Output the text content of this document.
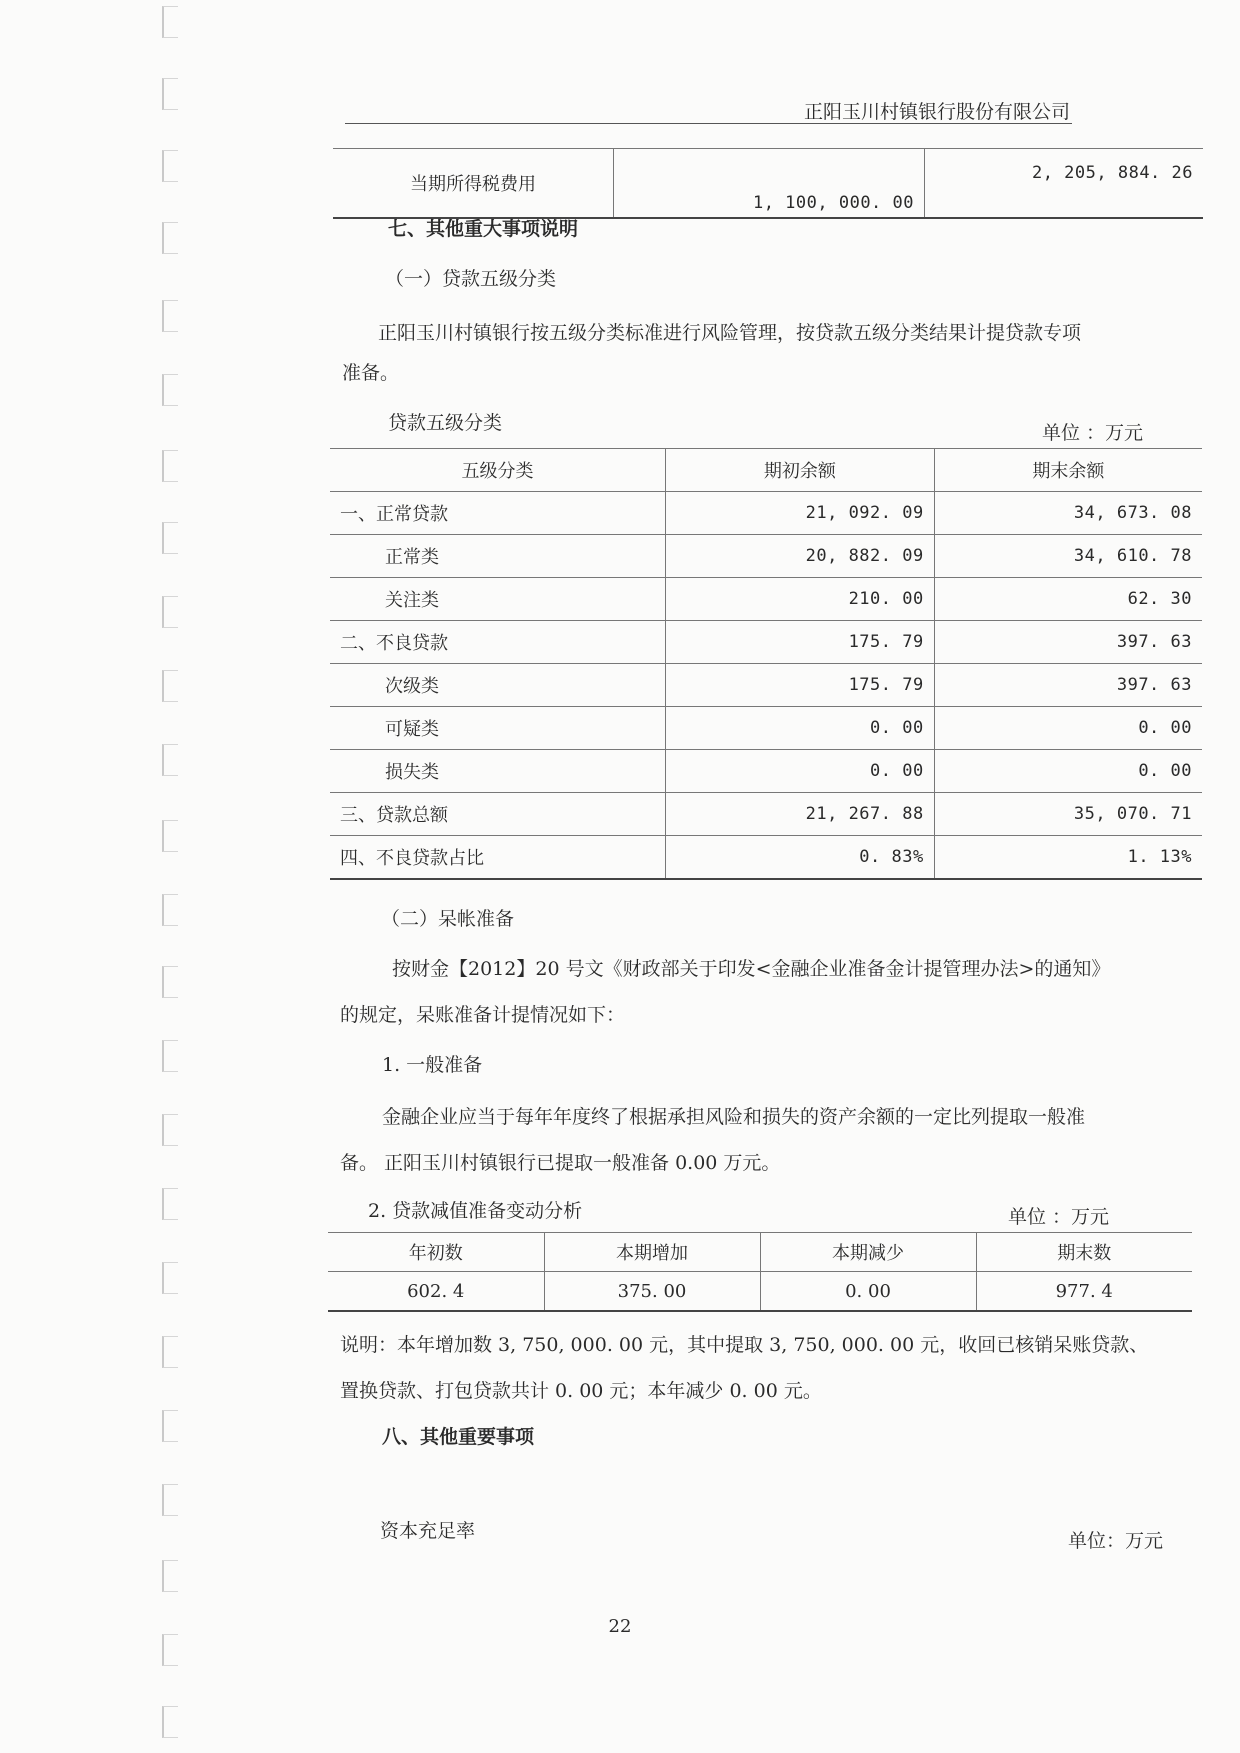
正阳玉川村镇银行股份有限公司
当期所得税费用	1, 100, 000. 00	2, 205, 884. 26
七、其他重大事项说明
（一）贷款五级分类
正阳玉川村镇银行按五级分类标准进行风险管理，按贷款五级分类结果计提贷款专项
准备。
贷款五级分类	单位 ：万元
五级分类	期初余额	期末余额
一、正常贷款	21, 092. 09	34, 673. 08
正常类	20, 882. 09	34, 610. 78
关注类	210. 00	62. 30
二、不良贷款	175. 79	397. 63
次级类	175. 79	397. 63
可疑类	0. 00	0. 00
损失类	0. 00	0. 00
三、贷款总额	21, 267. 88	35, 070. 71
四、不良贷款占比	0. 83%	1. 13%
（二）呆帐准备
按财金【2012】20 号文《财政部关于印发<金融企业准备金计提管理办法>的通知》
的规定，呆账准备计提情况如下：
1. 一般准备
金融企业应当于每年年度终了根据承担风险和损失的资产余额的一定比列提取一般准
备。 正阳玉川村镇银行已提取一般准备 0.00 万元。
2. 贷款减值准备变动分析	单位 ：万元
年初数	本期增加	本期减少	期末数
602. 4	375. 00	0. 00	977. 4
说明：本年增加数 3, 750, 000. 00 元，其中提取 3, 750, 000. 00 元，收回已核销呆账贷款、
置换贷款、打包贷款共计 0. 00 元；本年减少 0. 00 元。
八、其他重要事项
资本充足率	单位：万元
22
